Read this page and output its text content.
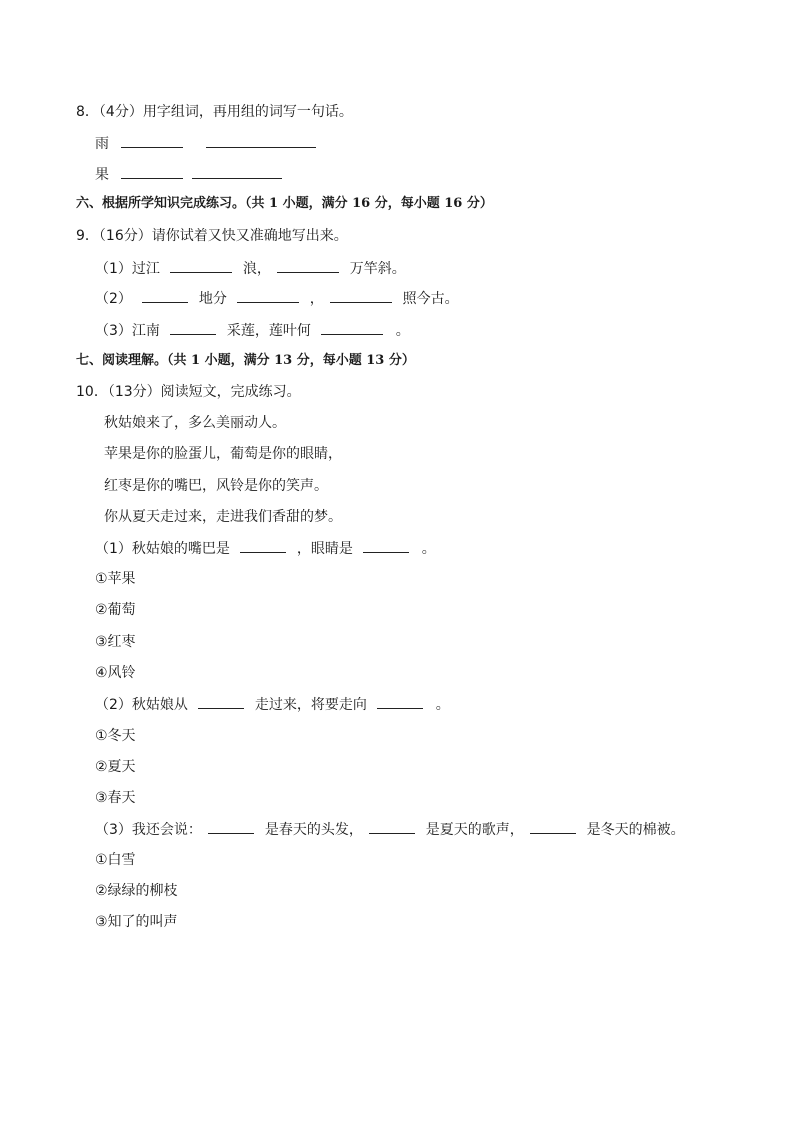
8．（4分）用字组词，再用组的词写一句话。
雨
果
六、根据所学知识完成练习。（共 1 小题，满分 16 分，每小题 16 分）
9．（16分）请你试着又快又准确地写出来。
（1）过江	浪，	万竿斜。
（2）	地分	，	照今古。
（3）江南	采莲，莲叶何	。
七、阅读理解。（共 1 小题，满分 13 分，每小题 13 分）
10．（13分）阅读短文，完成练习。
秋姑娘来了，多么美丽动人。
苹果是你的脸蛋儿，葡萄是你的眼睛，
红枣是你的嘴巴，风铃是你的笑声。
你从夏天走过来，走进我们香甜的梦。
（1）秋姑娘的嘴巴是	，眼睛是	。
①苹果
②葡萄
③红枣
④风铃
（2）秋姑娘从	走过来，将要走向	。
①冬天
②夏天
③春天
（3）我还会说：	是春天的头发，	是夏天的歌声，	是冬天的棉被。
①白雪
②绿绿的柳枝
③知了的叫声
